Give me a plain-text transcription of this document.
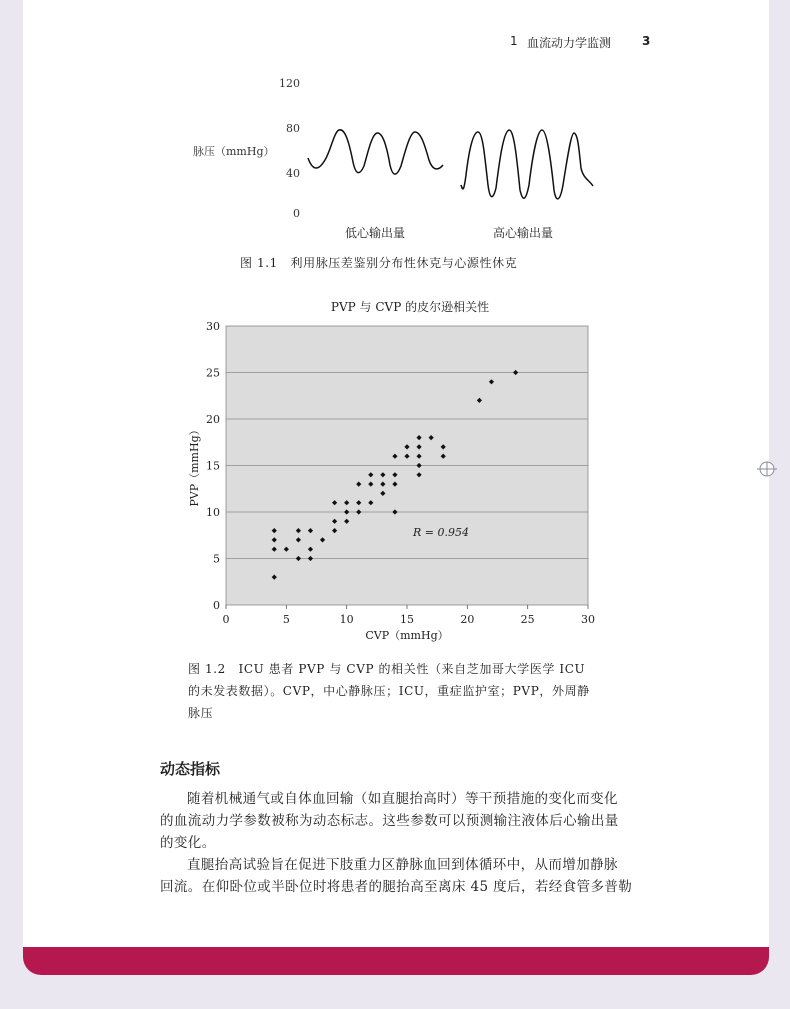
1 血流动力学监测	3
120
80
40
0
脉压（mmHg）
低心输出量	高心输出量
图 1.1　利用脉压差鉴别分布性休克与心源性休克
PVP 与 CVP 的皮尔逊相关性
0	5	10	15	20	25	30
0
5
10
15
20
25
30
R = 0.954
CVP（mmHg）
PVP（mmHg）
图 1.2　ICU 患者 PVP 与 CVP 的相关性（来自芝加哥大学医学 ICU
的未发表数据）。CVP，中心静脉压；ICU，重症监护室；PVP，外周静
脉压
动态指标
随着机械通气或自体血回输（如直腿抬高时）等干预措施的变化而变化
的血流动力学参数被称为动态标志。这些参数可以预测输注液体后心输出量
的变化。
直腿抬高试验旨在促进下肢重力区静脉血回到体循环中，从而增加静脉
回流。在仰卧位或半卧位时将患者的腿抬高至离床 45 度后，若经食管多普勒
